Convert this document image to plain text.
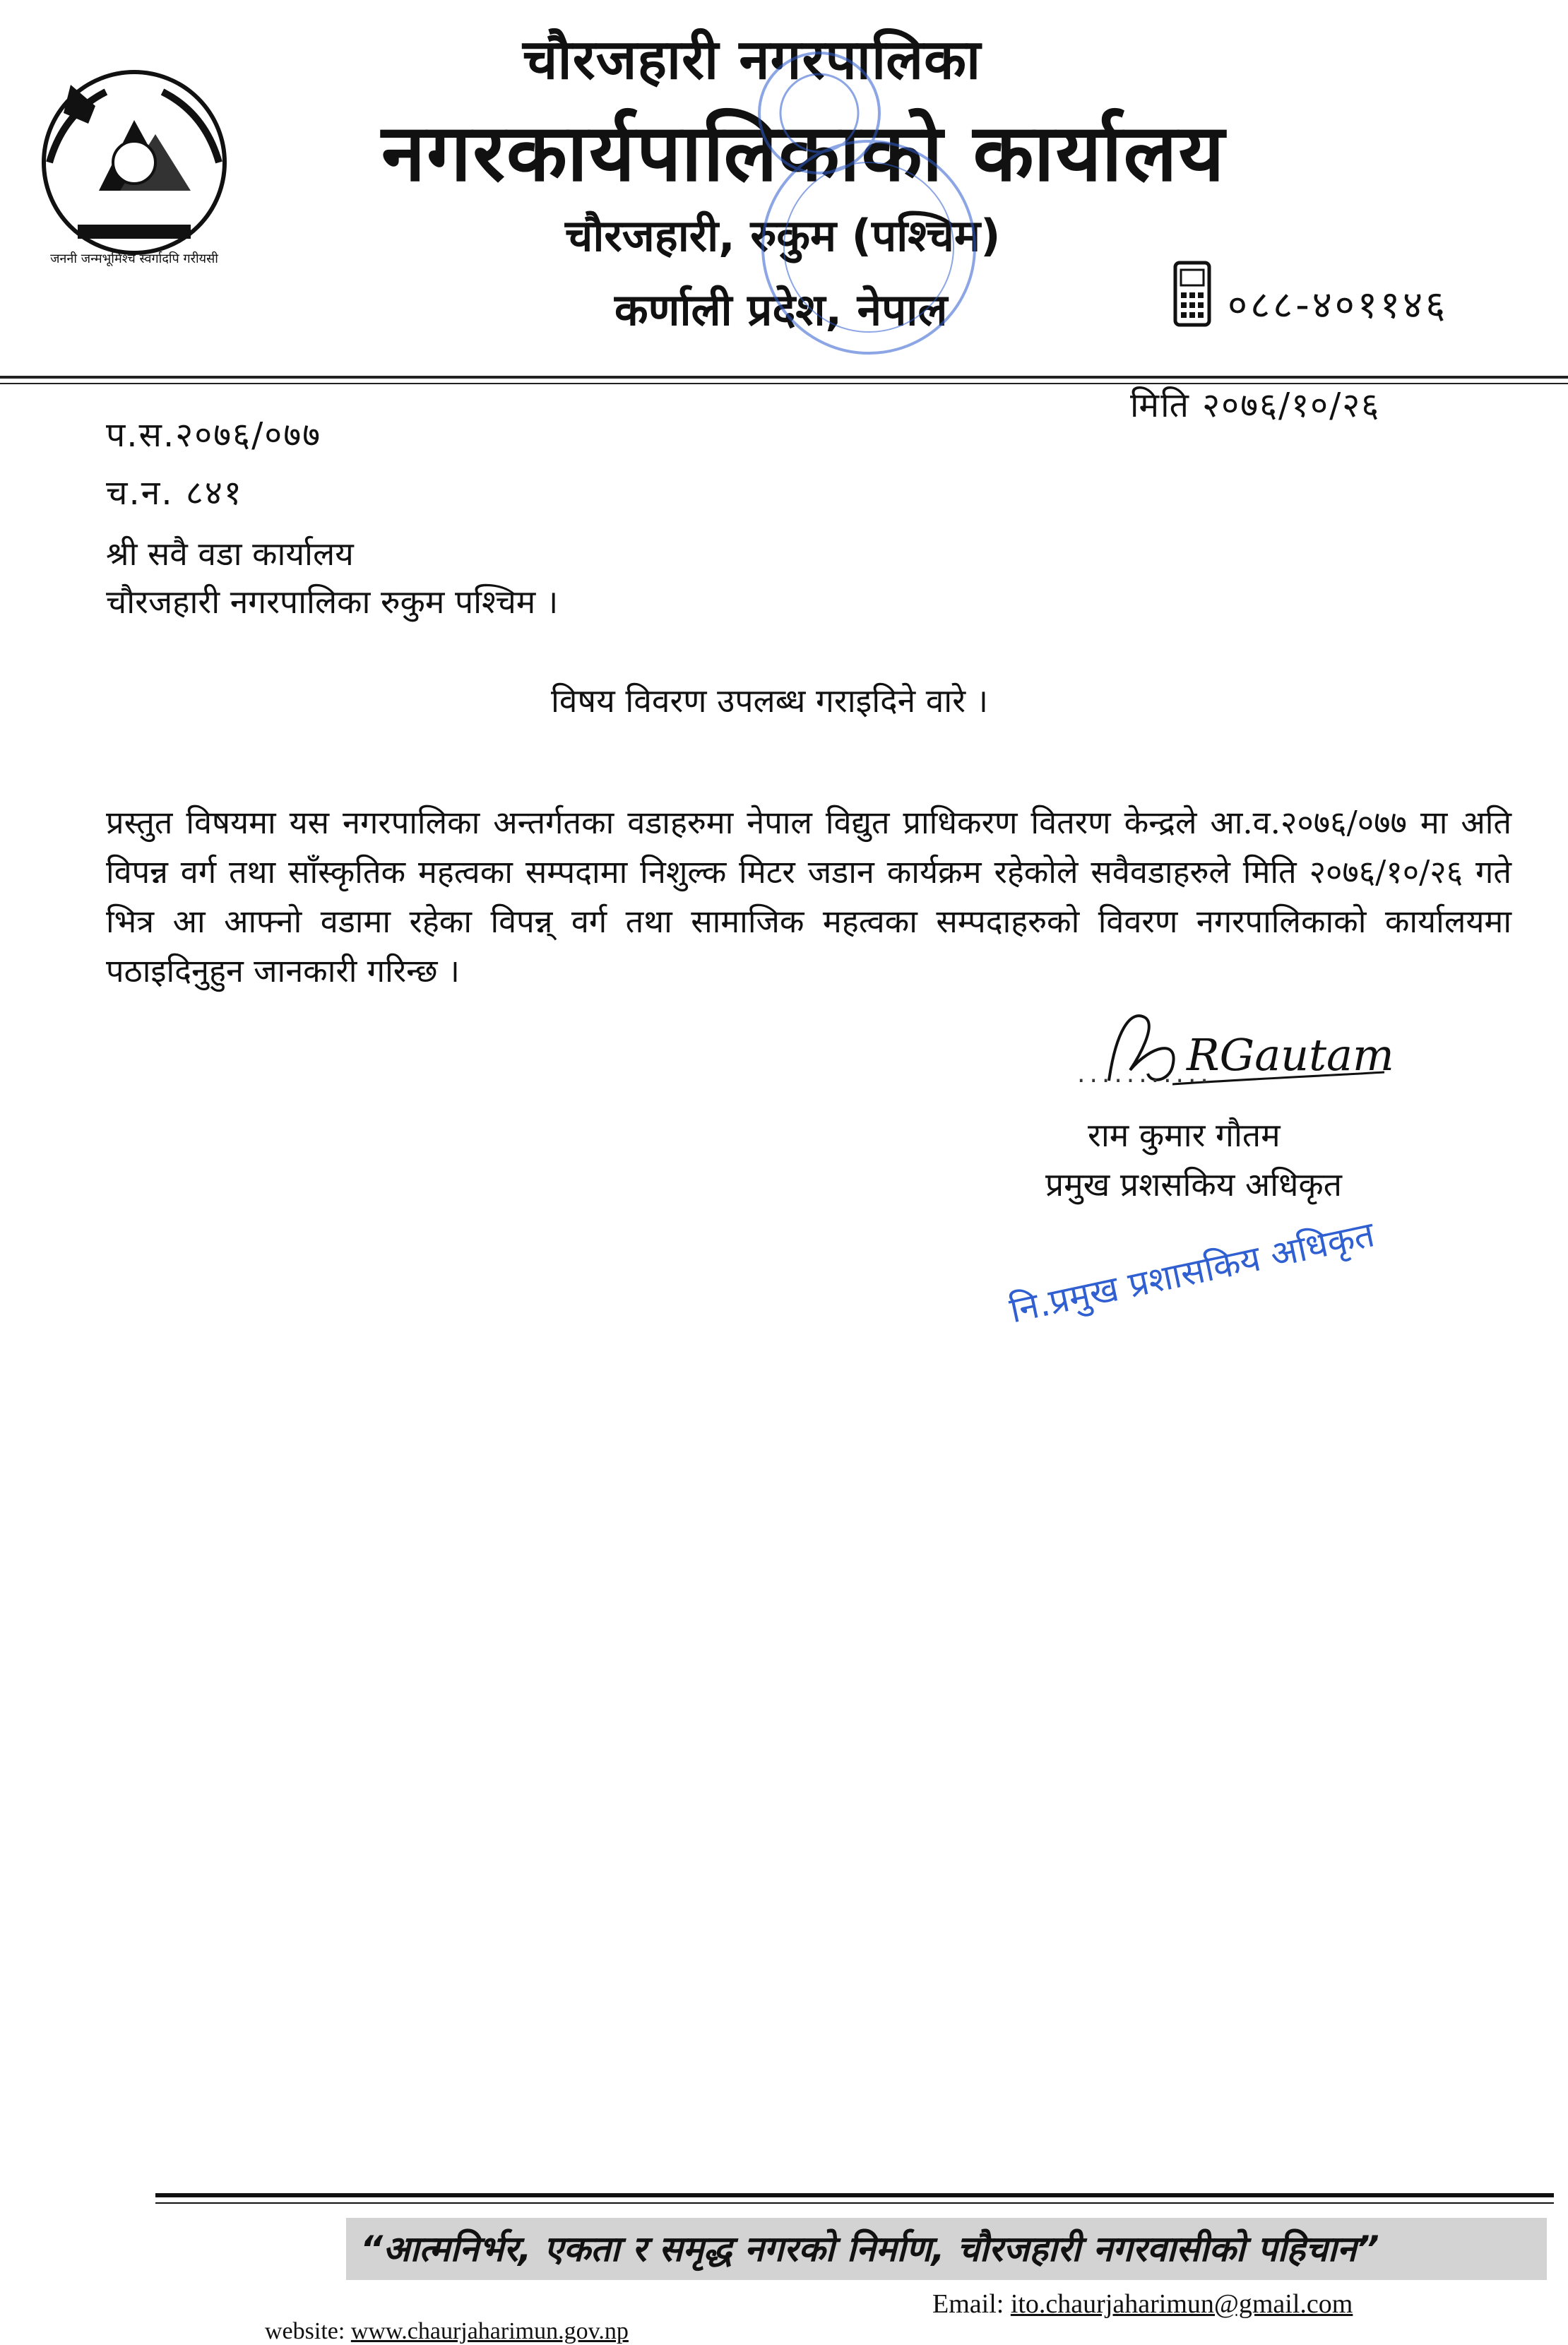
जननी जन्मभूमिश्च स्वर्गादपि गरीयसी
चौरजहारी नगरपालिका
नगरकार्यपालिकाको कार्यालय
चौरजहारी, रुकुम (पश्चिम)
कर्णाली प्रदेश, नेपाल	०८८-४०११४६
मिति २०७६/१०/२६
प.स.२०७६/०७७
च.न. ८४१
श्री सवै वडा कार्यालय
चौरजहारी नगरपालिका रुकुम पश्चिम ।
विषय विवरण उपलब्ध गराइदिने वारे ।
प्रस्तुत विषयमा यस नगरपालिका अन्तर्गतका वडाहरुमा नेपाल विद्युत प्राधिकरण वितरण केन्द्रले आ.व.२०७६/०७७ मा अति विपन्न वर्ग तथा साँस्कृतिक महत्वका सम्पदामा निशुल्क मिटर जडान कार्यक्रम रहेकोले सवैवडाहरुले मिति २०७६/१०/२६ गते भित्र आ आफ्नो वडामा रहेका विपन्न् वर्ग तथा सामाजिक महत्वका सम्पदाहरुको विवरण नगरपालिकाको कार्यालयमा पठाइदिनुहुन जानकारी गरिन्छ ।
RGautam
...........
राम कुमार गौतम
प्रमुख प्रशसकिय अधिकृत
नि.प्रमुख प्रशासकिय अधिकृत
“आत्मनिर्भर, एकता र समृद्ध नगरको निर्माण, चौरजहारी नगरवासीको पहिचान”
Email: ito.chaurjaharimun@gmail.com
website: www.chaurjaharimun.gov.np
